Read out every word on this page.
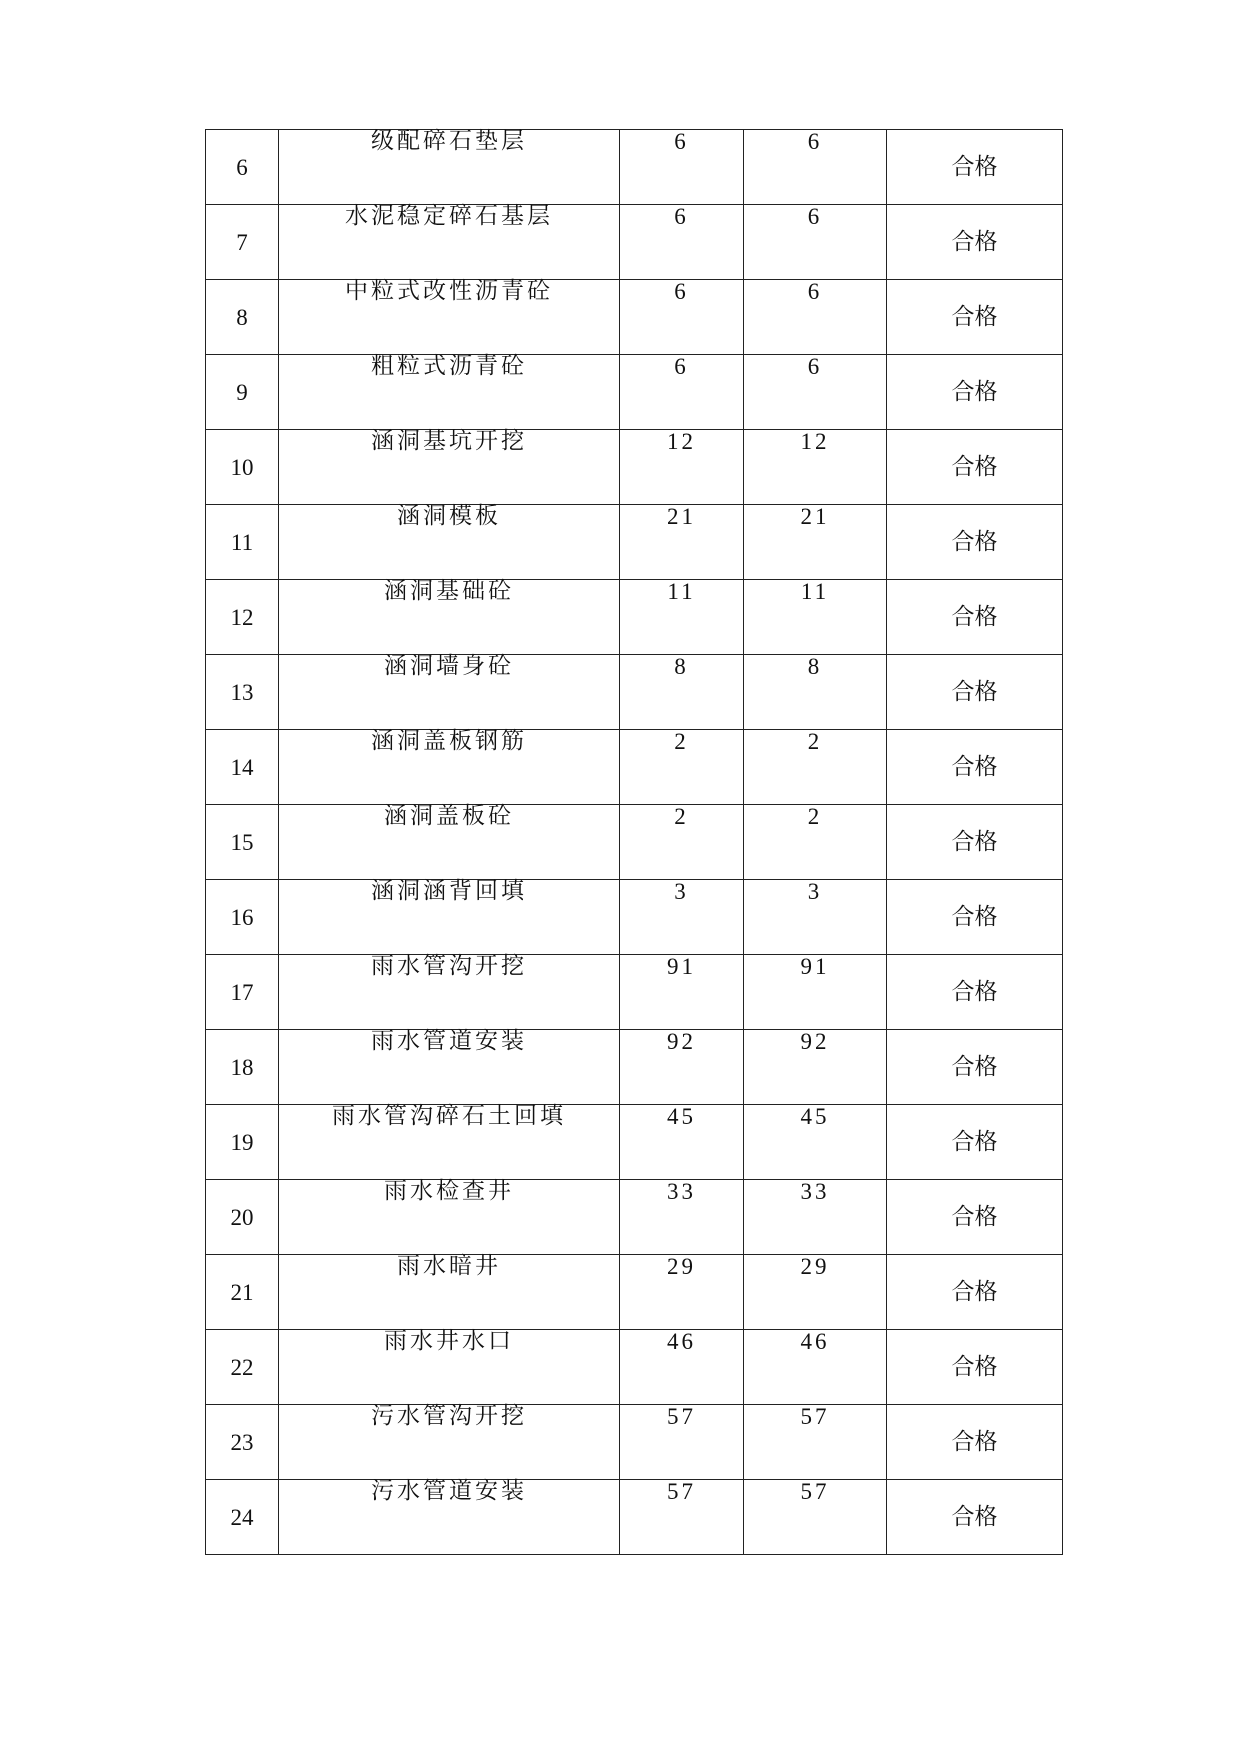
6	级配碎石垫层	6	6	合格
7	水泥稳定碎石基层	6	6	合格
8	中粒式改性沥青砼	6	6	合格
9	粗粒式沥青砼	6	6	合格
10	涵洞基坑开挖	12	12	合格
11	涵洞模板	21	21	合格
12	涵洞基础砼	11	11	合格
13	涵洞墙身砼	8	8	合格
14	涵洞盖板钢筋	2	2	合格
15	涵洞盖板砼	2	2	合格
16	涵洞涵背回填	3	3	合格
17	雨水管沟开挖	91	91	合格
18	雨水管道安装	92	92	合格
19	雨水管沟碎石土回填	45	45	合格
20	雨水检查井	33	33	合格
21	雨水暗井	29	29	合格
22	雨水井水口	46	46	合格
23	污水管沟开挖	57	57	合格
24	污水管道安装	57	57	合格
